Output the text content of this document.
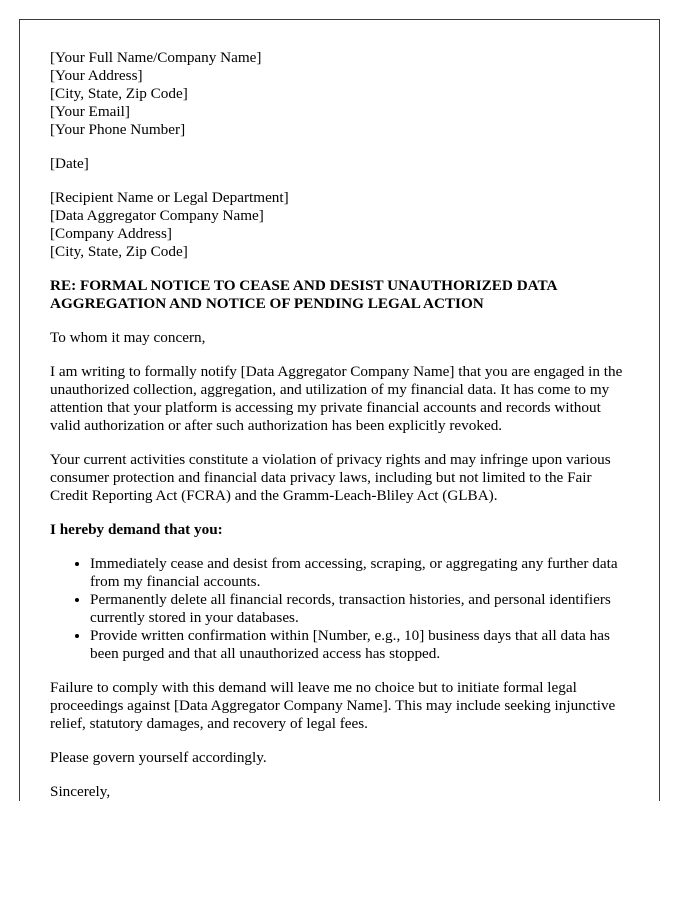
[Your Full Name/Company Name]
[Your Address]
[City, State, Zip Code]
[Your Email]
[Your Phone Number]
[Date]
[Recipient Name or Legal Department]
[Data Aggregator Company Name]
[Company Address]
[City, State, Zip Code]
RE: FORMAL NOTICE TO CEASE AND DESIST UNAUTHORIZED DATA AGGREGATION AND NOTICE OF PENDING LEGAL ACTION

To whom it may concern,

I am writing to formally notify [Data Aggregator Company Name] that you are engaged in the unauthorized collection, aggregation, and utilization of my financial data. It has come to my attention that your platform is accessing my private financial accounts and records without valid authorization or after such authorization has been explicitly revoked.

Your current activities constitute a violation of privacy rights and may infringe upon various consumer protection and financial data privacy laws, including but not limited to the Fair Credit Reporting Act (FCRA) and the Gramm-Leach-Bliley Act (GLBA).

I hereby demand that you:
• Immediately cease and desist from accessing, scraping, or aggregating any further data from my financial accounts.
• Permanently delete all financial records, transaction histories, and personal identifiers currently stored in your databases.
• Provide written confirmation within [Number, e.g., 10] business days that all data has been purged and that all unauthorized access has stopped.

Failure to comply with this demand will leave me no choice but to initiate formal legal proceedings against [Data Aggregator Company Name]. This may include seeking injunctive relief, statutory damages, and recovery of legal fees.

Please govern yourself accordingly.

Sincerely,
